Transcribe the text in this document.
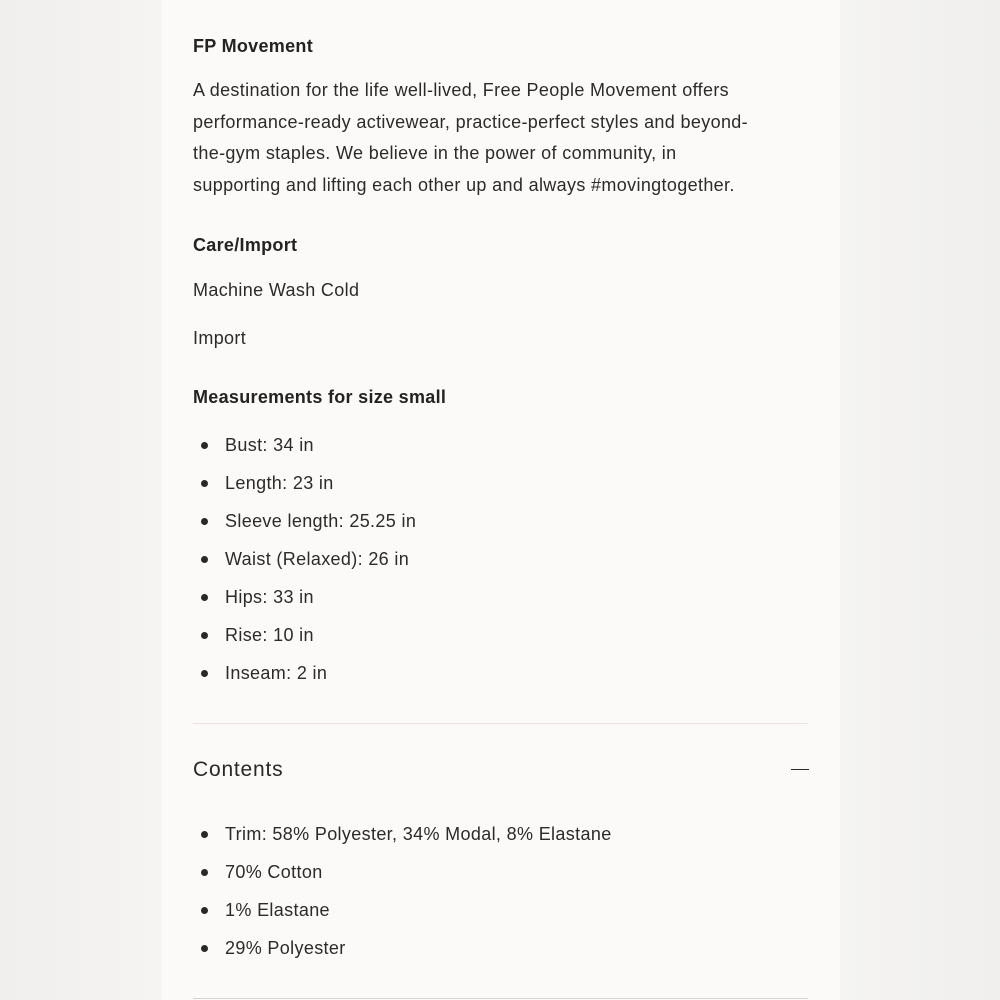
FP Movement
A destination for the life well-lived, Free People Movement offers
performance-ready activewear, practice-perfect styles and beyond-
the-gym staples. We believe in the power of community, in
supporting and lifting each other up and always #movingtogether.
Care/Import
Machine Wash Cold
Import
Measurements for size small
Bust: 34 in
Length: 23 in
Sleeve length: 25.25 in
Waist (Relaxed): 26 in
Hips: 33 in
Rise: 10 in
Inseam: 2 in
Contents
Trim: 58% Polyester, 34% Modal, 8% Elastane
70% Cotton
1% Elastane
29% Polyester
